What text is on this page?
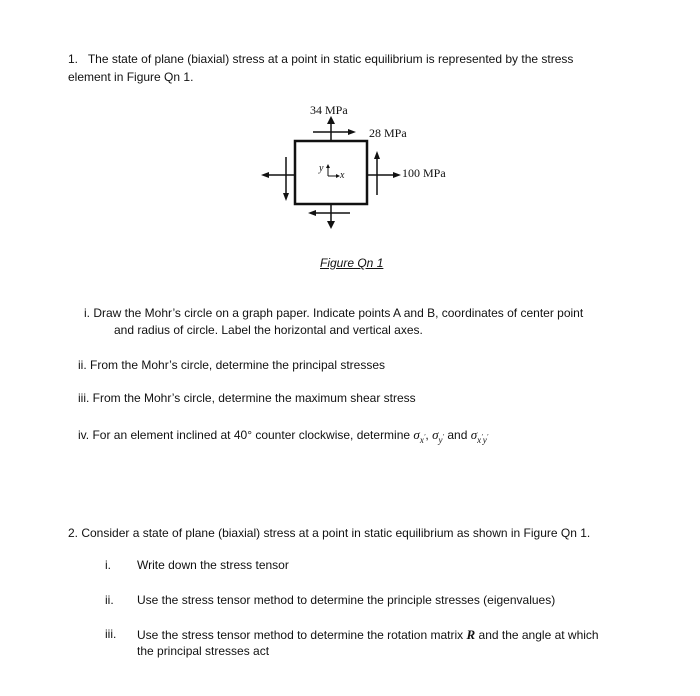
1. The state of plane (biaxial) stress at a point in static equilibrium is represented by the stress
element in Figure Qn 1.
34 MPa
28 MPa
100 MPa
y
x
Figure Qn 1
i. Draw the Mohr’s circle on a graph paper. Indicate points A and B, coordinates of center point
and radius of circle. Label the horizontal and vertical axes.
ii. From the Mohr’s circle, determine the principal stresses
iii. From the Mohr’s circle, determine the maximum shear stress
iv. For an element inclined at 40° counter clockwise, determine $\sigma_{x'}$, $\sigma_{y'}$ and $\sigma_{x'y'}$
2. Consider a state of plane (biaxial) stress at a point in static equilibrium as shown in Figure Qn 1.
i. Write down the stress tensor
ii. Use the stress tensor method to determine the principle stresses (eigenvalues)
iii. Use the stress tensor method to determine the rotation matrix R and the angle at which
the principal stresses act
